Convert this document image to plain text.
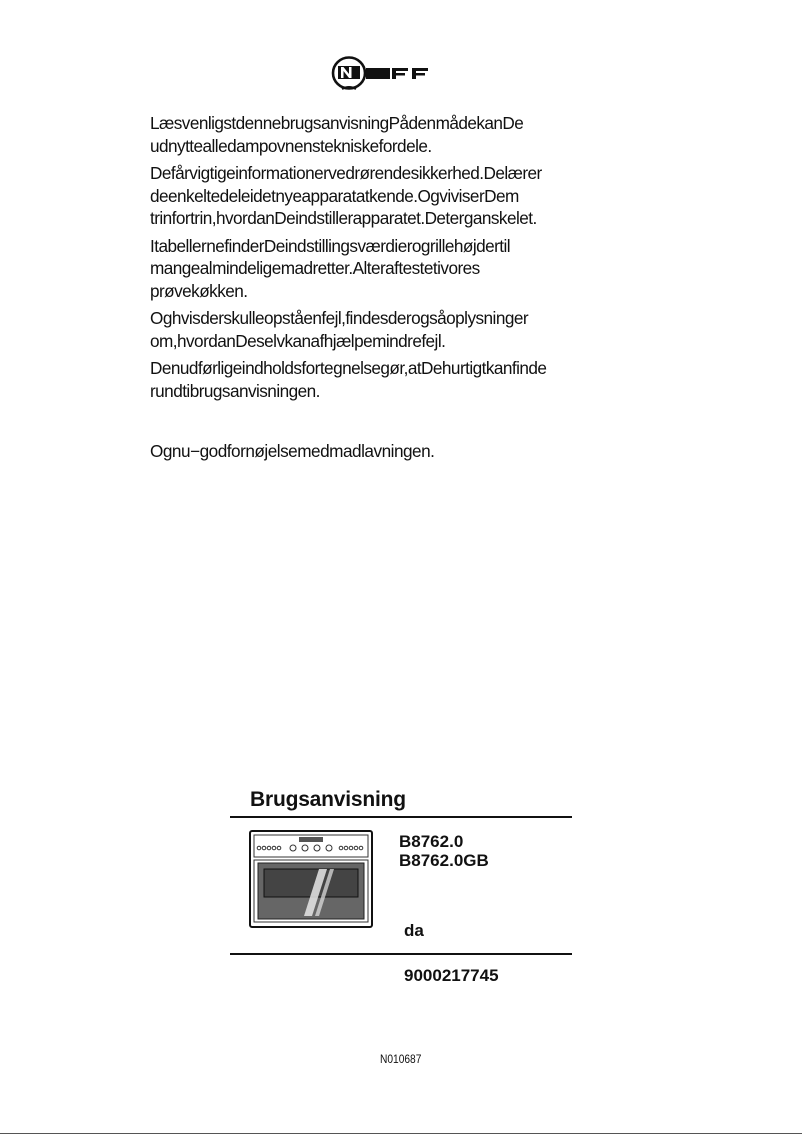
LæsvenligstdennebrugsanvisningPådenmådekanDe
udnyttealledampovnenstekniskefordele.

Defårvigtigeinformationervedrørendesikkerhed.Delærer
deenkeltedeleidetnyeapparatatkende.OgviviserDem
trinfortrin,hvordanDeindstillerapparatet.Deterganskelet.

ItabellernefinderDeindstillingsværdierogrillehøjdertil
mangealmindeligemadretter.Alteraftestetivores
prøvekøkken.

Oghvisderskulleopståenfejl,findesderogsåoplysninger
om,hvordanDeselvkanafhjælpemindrefejl.

Denudførligeindholdsfortegnelsegør,atDehurtigtkanfinde
rundtibrugsanvisningen.

Ognu−godfornøjelsemedmadlavningen.

Brugsanvisning
B8762.0
B8762.0GB

da

9000217745

N010687
